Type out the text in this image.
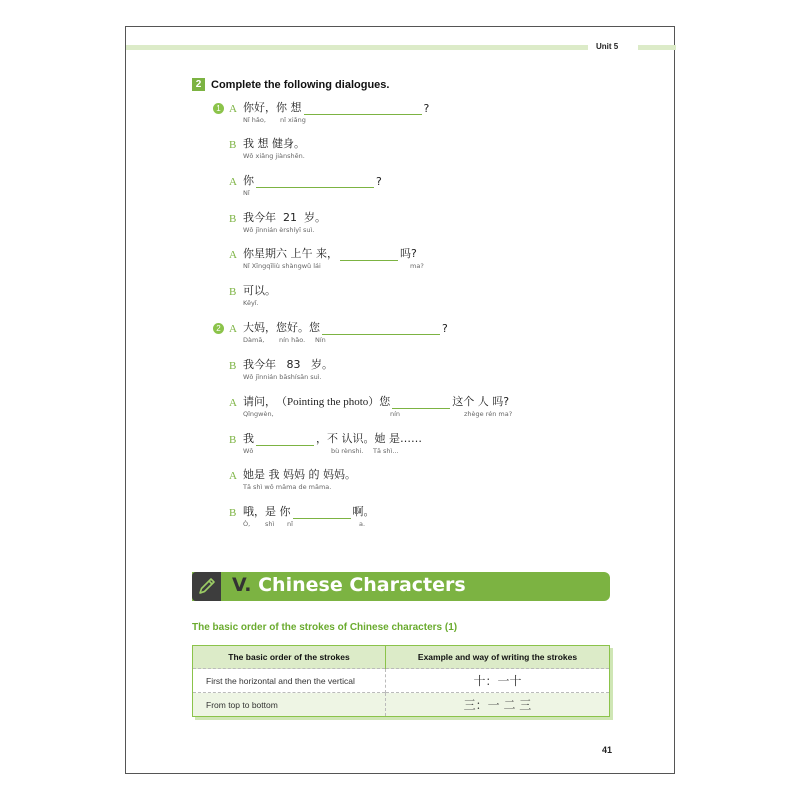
Unit 5
2 Complete the following dialogues.
1 A 你好，你 想	?
Nǐ hǎo, nǐ xiǎng
B 我 想 健身。
Wǒ xiǎng jiànshēn.
A 你	?
Nǐ
B 我今年  21  岁。
Wǒ jīnnián èrshíyī suì.
A 你星期六 上午 来，	吗?
Nǐ Xīngqīliù shàngwǔ lái	ma?
B 可以。
Kěyǐ.
2 A 大妈，您好。您	?
Dàmā, nín hǎo. Nín
B 我今年   83   岁。
Wǒ jīnnián bāshísān suì.
A 请问， （Pointing the photo）您	这个 人 吗?
Qǐngwèn,	nín	zhège rén ma?
B 我	，不 认识。她 是……
Wǒ	bù rènshi. Tā shì...
A 她是 我 妈妈 的 妈妈。
Tā shì wǒ māma de māma.
B 哦，是 你	啊。
Ò, shì nǐ	a.
V. Chinese Characters
The basic order of the strokes of Chinese characters (1)
The basic order of the strokes	Example and way of writing the strokes
First the horizontal and then the vertical	十：一十
From top to bottom	三：一 二 三
41
